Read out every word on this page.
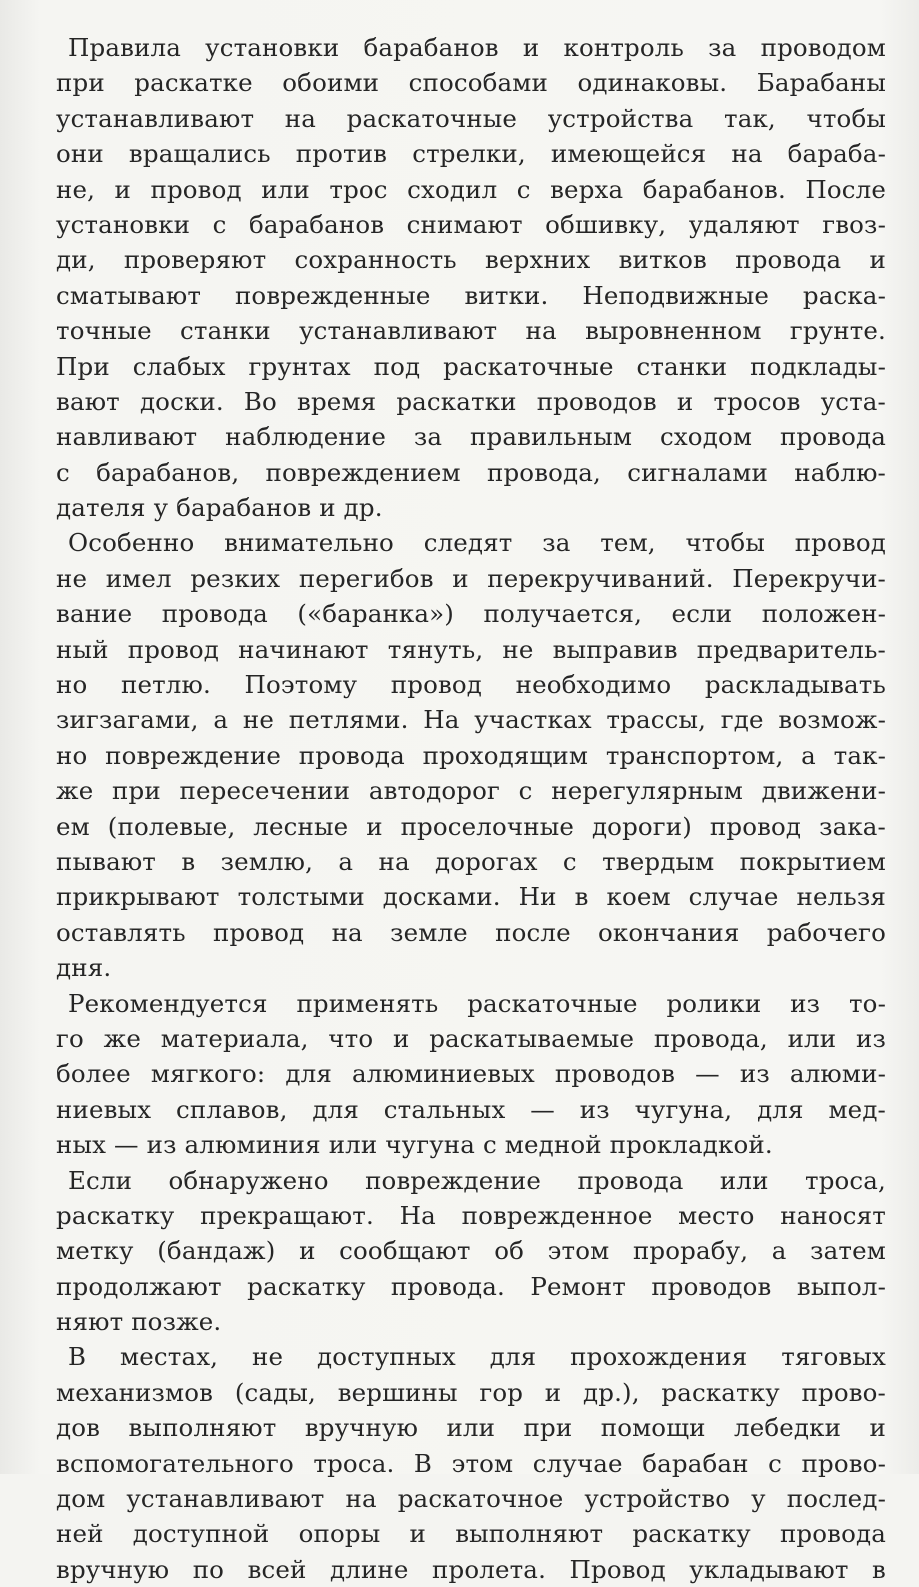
Правила установки барабанов и контроль за проводом
при раскатке обоими способами одинаковы. Барабаны
устанавливают на раскаточные устройства так, чтобы
они вращались против стрелки, имеющейся на бараба-
не, и провод или трос сходил с верха барабанов. После
установки с барабанов снимают обшивку, удаляют гвоз-
ди, проверяют сохранность верхних витков провода и
сматывают поврежденные витки. Неподвижные раска-
точные станки устанавливают на выровненном грунте.
При слабых грунтах под раскаточные станки подклады-
вают доски. Во время раскатки проводов и тросов уста-
навливают наблюдение за правильным сходом провода
с барабанов, повреждением провода, сигналами наблю-
дателя у барабанов и др.
Особенно внимательно следят за тем, чтобы провод
не имел резких перегибов и перекручиваний. Перекручи-
вание провода («баранка») получается, если положен-
ный провод начинают тянуть, не выправив предваритель-
но петлю. Поэтому провод необходимо раскладывать
зигзагами, а не петлями. На участках трассы, где возмож-
но повреждение провода проходящим транспортом, а так-
же при пересечении автодорог с нерегулярным движени-
ем (полевые, лесные и проселочные дороги) провод зака-
пывают в землю, а на дорогах с твердым покрытием
прикрывают толстыми досками. Ни в коем случае нельзя
оставлять провод на земле после окончания рабочего
дня.
Рекомендуется применять раскаточные ролики из то-
го же материала, что и раскатываемые провода, или из
более мягкого: для алюминиевых проводов — из алюми-
ниевых сплавов, для стальных — из чугуна, для мед-
ных — из алюминия или чугуна с медной прокладкой.
Если обнаружено повреждение провода или троса,
раскатку прекращают. На поврежденное место наносят
метку (бандаж) и сообщают об этом прорабу, а затем
продолжают раскатку провода. Ремонт проводов выпол-
няют позже.
В местах, не доступных для прохождения тяговых
механизмов (сады, вершины гор и др.), раскатку прово-
дов выполняют вручную или при помощи лебедки и
вспомогательного троса. В этом случае барабан с прово-
дом устанавливают на раскаточное устройство у послед-
ней доступной опоры и выполняют раскатку провода
вручную по всей длине пролета. Провод укладывают в
